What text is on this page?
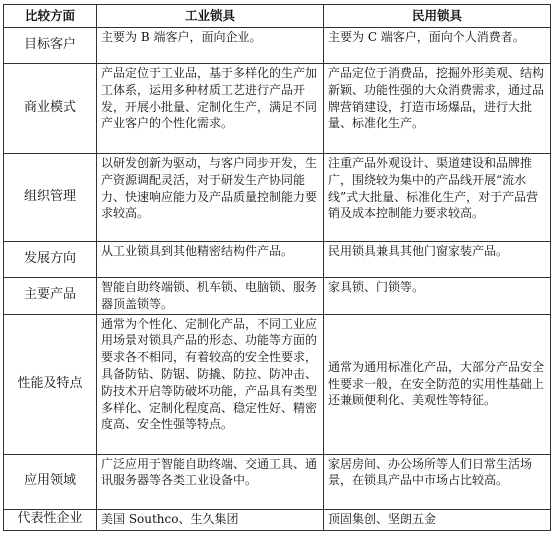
比较方面	工业锁具	民用锁具
目标客户	主要为 B 端客户，面向企业。	主要为 C 端客户，面向个人消费者。
商业模式	产品定位于工业品，基于多样化的生产加工体系，运用多种材质工艺进行产品开发，开展小批量、定制化生产，满足不同产业客户的个性化需求。	产品定位于消费品，挖掘外形美观、结构新颖、功能性强的大众消费需求，通过品牌营销建设，打造市场爆品，进行大批量、标准化生产。
组织管理	以研发创新为驱动，与客户同步开发，生产资源调配灵活，对于研发生产协同能力、快速响应能力及产品质量控制能力要求较高。	注重产品外观设计、渠道建设和品牌推广，围绕较为集中的产品线开展“流水线”式大批量、标准化生产，对于产品营销及成本控制能力要求较高。
发展方向	从工业锁具到其他精密结构件产品。	民用锁具兼具其他门窗家装产品。
主要产品	智能自助终端锁、机车锁、电脑锁、服务器顶盖锁等。	家具锁、门锁等。
性能及特点	通常为个性化、定制化产品，不同工业应用场景对锁具产品的形态、功能等方面的要求各不相同，有着较高的安全性要求，具备防钻、防锯、防撬、防拉、防冲击、防技术开启等防破坏功能，产品具有类型多样化、定制化程度高、稳定性好、精密度高、安全性强等特点。	通常为通用标准化产品，大部分产品安全性要求一般，在安全防范的实用性基础上还兼顾便利化、美观性等特征。
应用领域	广泛应用于智能自助终端、交通工具、通讯服务器等各类工业设备中。	家居房间、办公场所等人们日常生活场景，在锁具产品中市场占比较高。
代表性企业	美国 Southco、生久集团	顶固集创、坚朗五金
